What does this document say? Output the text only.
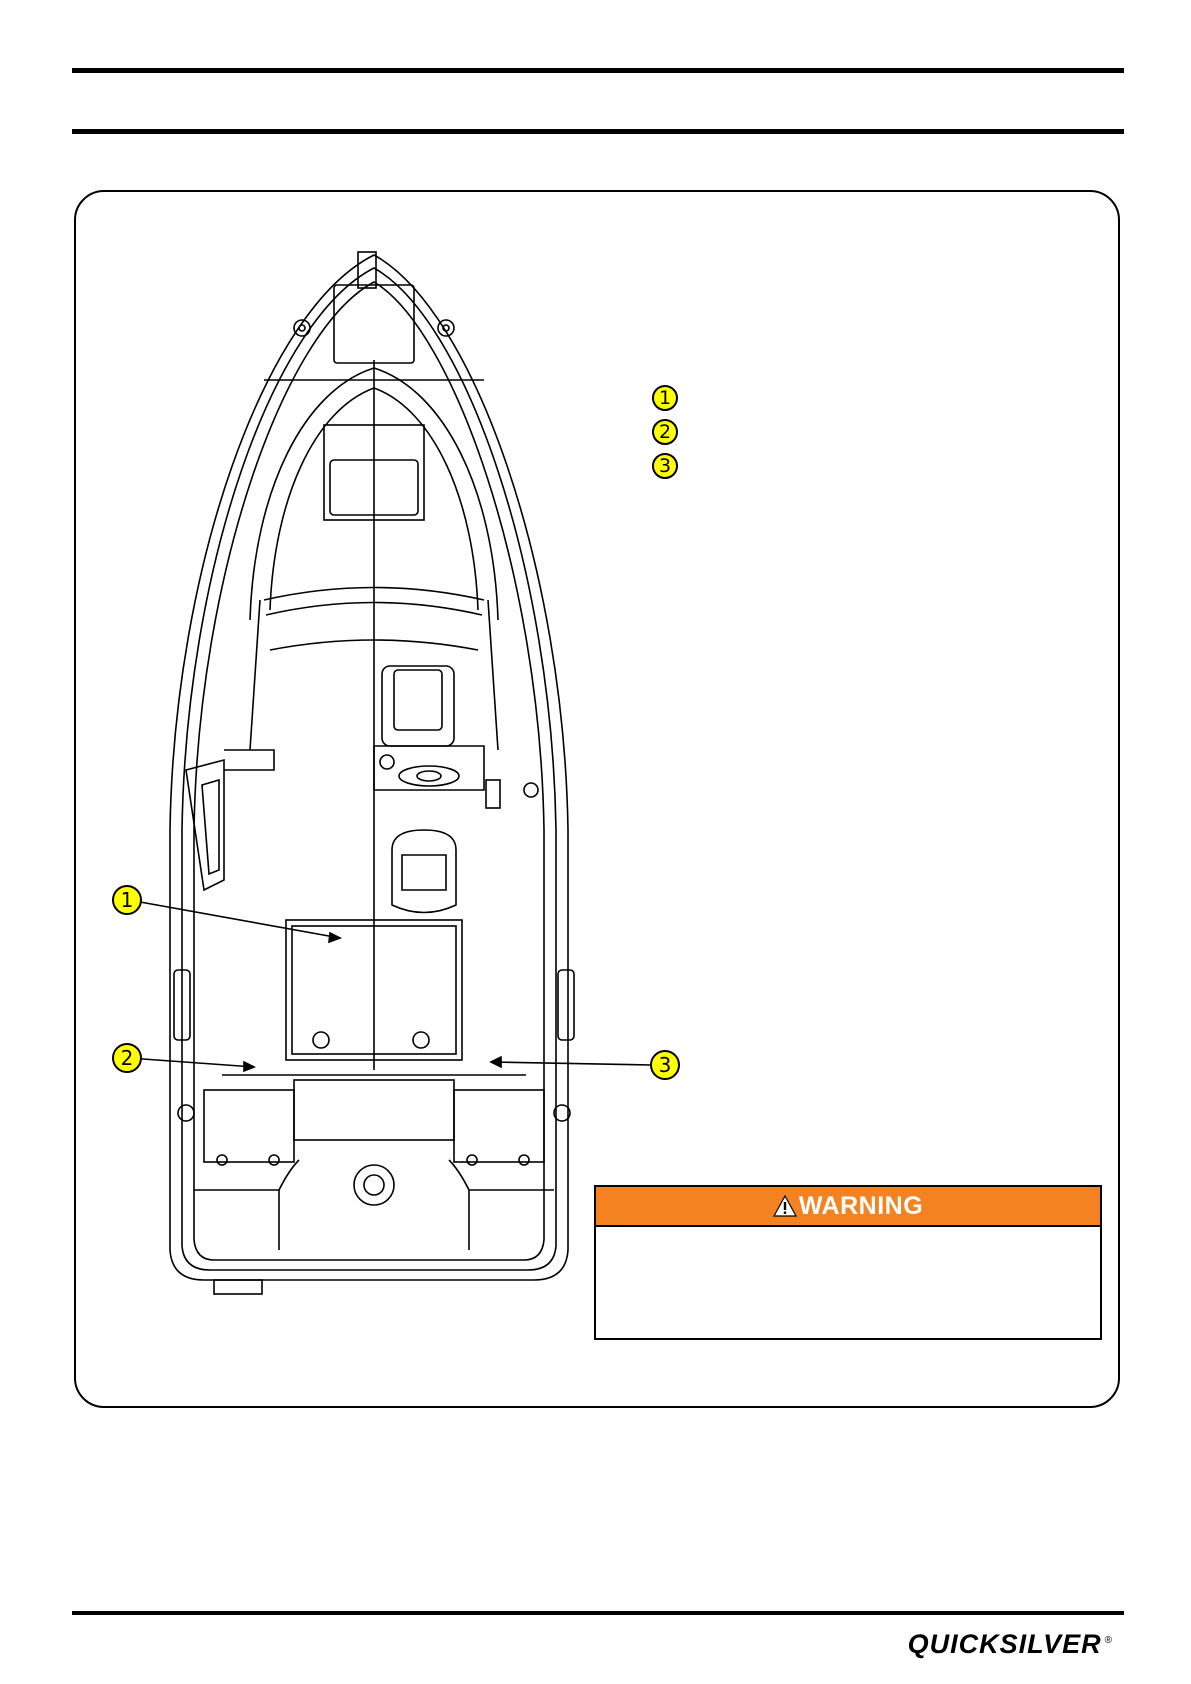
1
2	3
1
2
3
WARNING
QUICKSILVER ®
